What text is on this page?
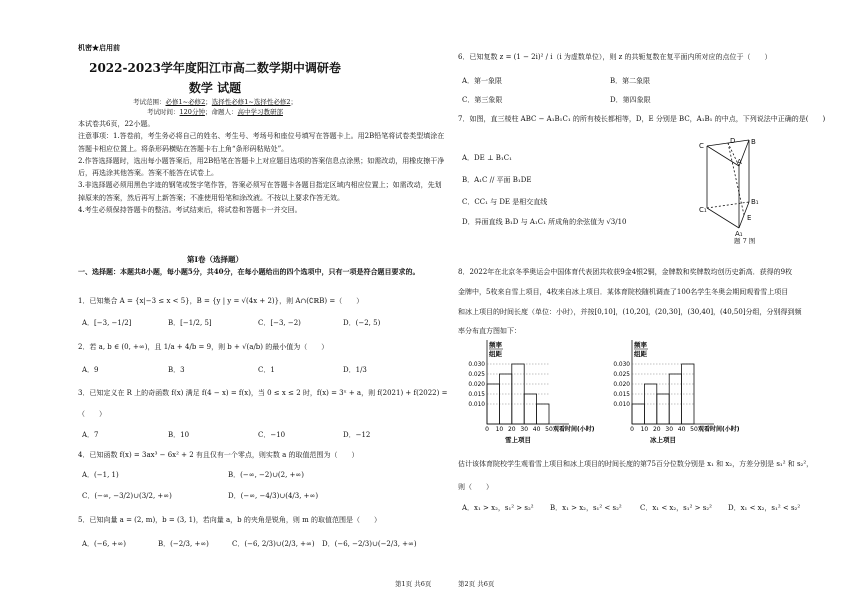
机密★启用前
2022-2023学年度阳江市高二数学期中调研卷
数学 试题
考试范围：必修1~必修2；选择性必修1~选择性必修2；
考试时间：120分钟；命题人：高中学习教研部
本试卷共6页，22小题。
注意事项：1.答卷前，考生务必将自己的姓名、考生号、考场号和座位号填写在答题卡上。用2B铅笔将试卷类型填涂在答题卡相应位置上。将条形码横贴在答题卡右上角“条形码粘贴处”。
2.作答选择题时，选出每小题答案后，用2B铅笔在答题卡上对应题目选项的答案信息点涂黑；如需改动，用橡皮擦干净后，再选涂其他答案。答案不能答在试卷上。
3.非选择题必须用黑色字迹的钢笔或签字笔作答，答案必须写在答题卡各题目指定区域内相应位置上；如需改动，先划掉原来的答案，然后再写上新答案；不准使用铅笔和涂改液。不按以上要求作答无效。
4.考生必须保持答题卡的整洁。考试结束后，将试卷和答题卡一并交回。
第Ⅰ卷（选择题）
一、选择题：本题共8小题，每小题5分，共40分，在每小题给出的四个选项中，只有一项是符合题目要求的。
1．已知集合 A = {x|−3 ≤ x < 5}，B = {y | y = √(4x + 2)}，则 A∩(∁ℝB) =（　　）
A．[−3, −1/2]	B．[−1/2, 5]	C．[−3, −2)	D．(−2, 5)
2．若 a, b ∈ (0, +∞)，且 1/a + 4/b = 9，则 b + √(a/b) 的最小值为（　　）
A．9	B．3	C．1	D．1/3
3．已知定义在 R 上的奇函数 f(x) 满足 f(4 − x) = f(x)，当 0 ≤ x ≤ 2 时，f(x) = 3ˣ + a，则 f(2021) + f(2022) =
（　　）
A．7	B．10	C．−10	D．−12
4．已知函数 f(x) = 3ax³ − 6x² + 2 有且仅有一个零点，则实数 a 的取值范围为（　　）
A．(−1, 1)	B．(−∞, −2)∪(2, +∞)
C．(−∞, −3/2)∪(3/2, +∞)	D．(−∞, −4/3)∪(4/3, +∞)
5．已知向量 a = (2, m)，b = (3, 1)，若向量 a，b 的夹角是锐角，则 m 的取值范围是（　　）
A．(−6, +∞)	B．(−2/3, +∞)	C．(−6, 2/3)∪(2/3, +∞) D．(−6, −2/3)∪(−2/3, +∞)
第1页 共6页
6．已知复数 z = (1 − 2i)² / i（i 为虚数单位），则 z 的共轭复数在复平面内所对应的点位于（　　）
A．第一象限	B．第二象限
C．第三象限	D．第四象限
7．如图，直三棱柱 ABC − A₁B₁C₁ 的所有棱长都相等，D，E 分别是 BC，A₁B₁ 的中点，下列说法中正确的是(　　)
A．DE ⊥ B₁C₁
B．A₁C // 平面 B₁DE
C．CC₁ 与 DE 是相交直线
D．异面直线 B₁D 与 A₁C₁ 所成角的余弦值为 √3/10
题 7 图
8．2022年在北京冬季奥运会中国体育代表团共收获9金4银2铜，金牌数和奖牌数均创历史新高．获得的9枚
金牌中，5枚来自雪上项目，4枚来自冰上项目．某体育院校随机调查了100名学生冬奥会期间观看雪上项目
和冰上项目的时间长度（单位：小时），并按[0,10]，(10,20]，(20,30]，(30,40]，(40,50]分组，分别得到频
率分布直方图如下：
估计该体育院校学生观看雪上项目和冰上项目的时间长度的第75百分位数分别是 x₁ 和 x₂，方差分别是 s₁² 和 s₂²，
则（　　）
A．x₁ > x₂，s₁² > s₂² B．x₁ > x₂，s₁² < s₂²	C．x₁ < x₂，s₁² > s₂² D．x₁ < x₂，s₁² < s₂²
第2页 共6页
C	B
D
A
C₁
B₁
E
A₁
频率
组距
0.030
0.025
0.020
0.015
0.010
0 10 20 30 40 50 观看时间(小时)
雪上项目
频率
组距
0.030
0.025
0.020
0.015
0.010
0 10 20 30 40 50 观看时间(小时)
冰上项目
